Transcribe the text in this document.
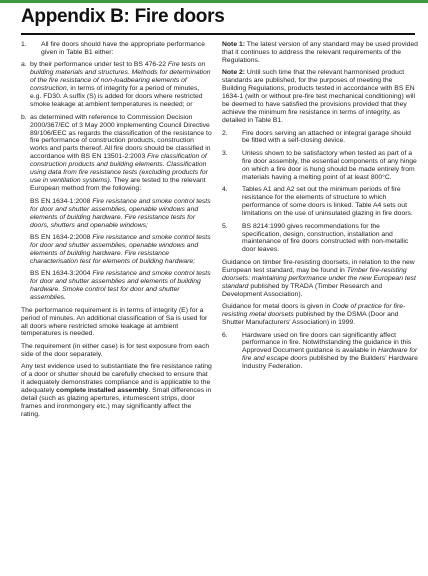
Appendix B: Fire doors

1.	All fire doors should have the appropriate performance given in Table B1 either:

a. by their performance under test to BS 476-22 Fire tests on building materials and structures. Methods for determination of the fire resistance of non-loadbearing elements of construction, in terms of integrity for a period of minutes, e.g. FD30. A suffix (S) is added for doors where restricted smoke leakage at ambient temperatures is needed; or

b. as determined with reference to Commission Decision 2000/367/EC of 3 May 2000 implementing Council Directive 89/106/EEC as regards the classification of the resistance to fire performance of construction products, construction works and parts thereof. All fire doors should be classified in accordance with BS EN 13501-2:2003 Fire classification of construction products and building elements. Classification using data from fire resistance tests (excluding products for use in ventilation systems). They are tested to the relevant European method from the following:

BS EN 1634-1:2008 Fire resistance and smoke control tests for door and shutter assemblies, openable windows and elements of building hardware. Fire resistance tests for doors, shutters and openable windows;

BS EN 1634-2:2008 Fire resistance and smoke control tests for door and shutter assemblies, openable windows and elements of building hardware. Fire resistance characterisation test for elements of building hardware;

BS EN 1634-3:2004 Fire resistance and smoke control tests for door and shutter assemblies and elements of building hardware. Smoke control test for door and shutter assemblies.

The performance requirement is in terms of integrity (E) for a period of minutes. An additional classification of Sa is used for all doors where restricted smoke leakage at ambient temperatures is needed.

The requirement (in either case) is for test exposure from each side of the door separately.

Any test evidence used to substantiate the fire resistance rating of a door or shutter should be carefully checked to ensure that it adequately demonstrates compliance and is applicable to the adequately complete installed assembly. Small differences in detail (such as glazing apertures, intumescent strips, door frames and ironmongery etc.) may significantly affect the rating.

Note 1: The latest version of any standard may be used provided that it continues to address the relevant requirements of the Regulations.

Note 2: Until such time that the relevant harmonised product standards are published, for the purposes of meeting the Building Regulations, products tested in accordance with BS EN 1634-1 (with or without pre-fire test mechanical conditioning) will be deemed to have satisfied the provisions provided that they achieve the minimum fire resistance in terms of integrity, as detailed in Table B1.

2.	Fire doors serving an attached or integral garage should be fitted with a self-closing device.

3.	Unless shown to be satisfactory when tested as part of a fire door assembly, the essential components of any hinge on which a fire door is hung should be made entirely from materials having a melting point of at least 800°C.

4.	Tables A1 and A2 set out the minimum periods of fire resistance for the elements of structure to which performance of some doors is linked. Table A4 sets out limitations on the use of uninsulated glazing in fire doors.

5.	BS 8214:1990 gives recommendations for the specification, design, construction, installation and maintenance of fire doors constructed with non-metallic door leaves.

Guidance on timber fire-resisting doorsets, in relation to the new European test standard, may be found in Timber fire-resisting doorsets: maintaining performance under the new European test standard published by TRADA (Timber Research and Development Association).

Guidance for metal doors is given in Code of practice for fire-resisting metal doorsets published by the DSMA (Door and Shutter Manufacturers' Association) in 1999.

6.	Hardware used on fire doors can significantly affect performance in fire. Notwithstanding the guidance in this Approved Document guidance is available in Hardware for fire and escape doors published by the Builders' Hardware Industry Federation.
